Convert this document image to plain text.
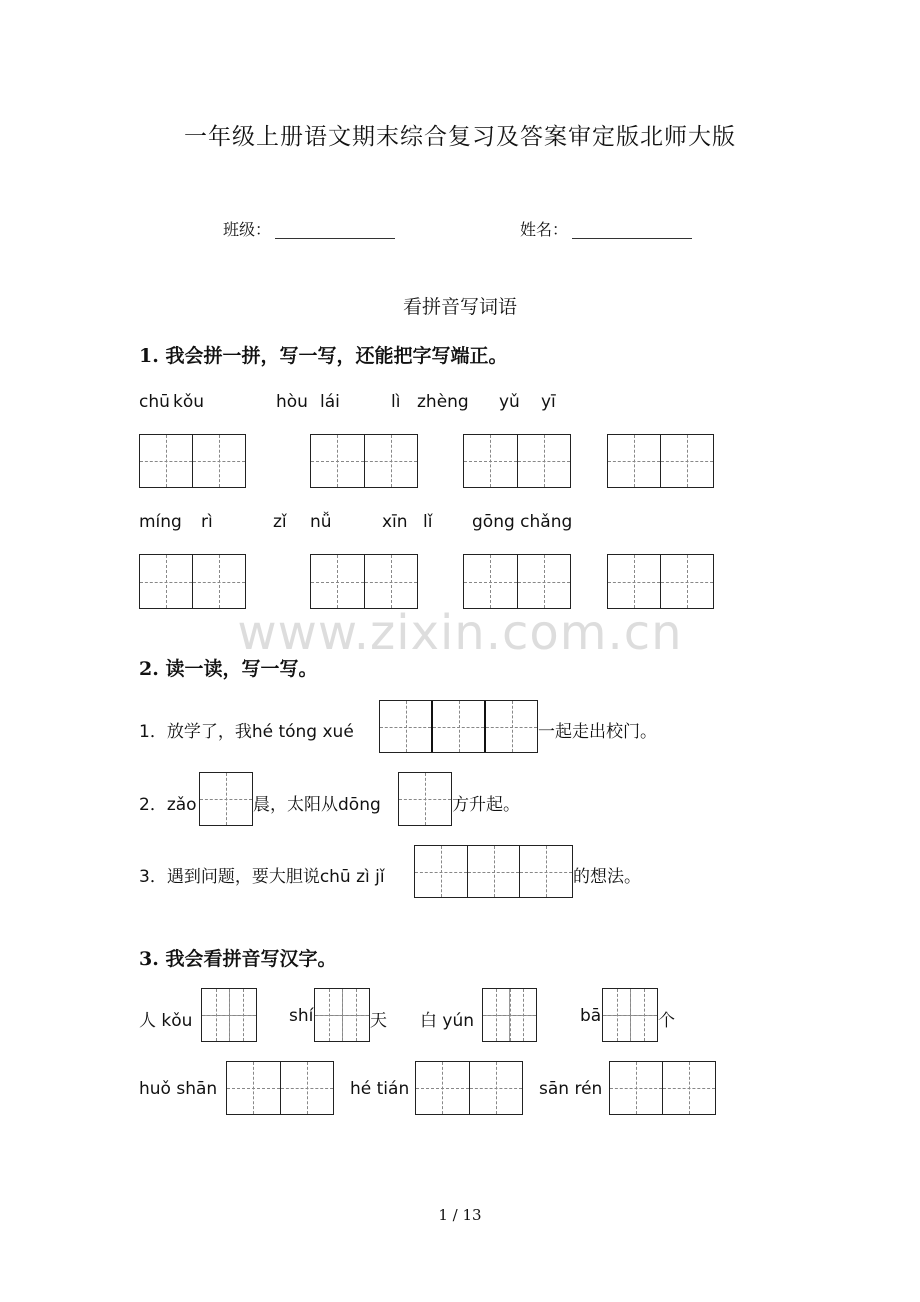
一年级上册语文期末综合复习及答案审定版北师大版
班级：	姓名：
看拼音写词语
1. 我会拼一拼，写一写，还能把字写端正。
chū kǒu	hòu lái	lì zhèng yǔ yī
míng rì	zǐ nǚ	xīn lǐ gōng chǎng
www.zixin.com.cn
2. 读一读，写一写。
1．放学了，我hé tóng xué	一起走出校门。
2．zǎo	晨，太阳从dōng	方升起。
3．遇到问题，要大胆说chū zì jǐ	的想法。
3. 我会看拼音写汉字。
人 kǒu	shí	天 白 yún	bā	个
huǒ shān	hé tián	sān rén
1 / 13
